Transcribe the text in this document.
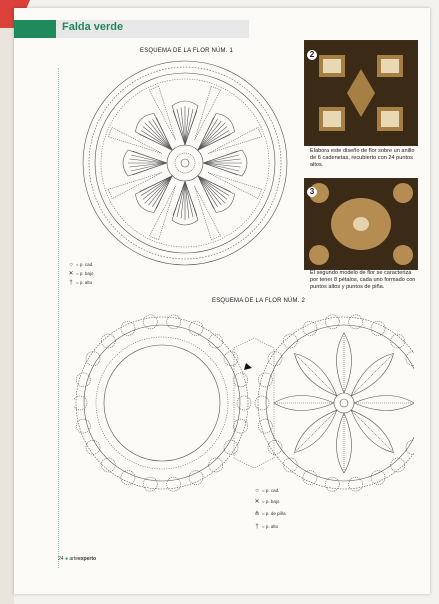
Falda verde
ESQUEMA DE LA FLOR NÚM. 1	2
Elabora este diseño de flor sobre un anillo de 6 cadenetas, recubierto con 24 puntos altos.
3
El segundo modelo de flor se caracteriza por tener 8 pétalos, cada uno formado con puntos altos y puntos de piña.
○ = p. cad.
✕ = p. bajo
† = p. alto
ESQUEMA DE LA FLOR NÚM. 2
○ = p. cad.
✕ = p. bajo
⋔ = p. de piña
† = p. alto
24 ● arteexperto
